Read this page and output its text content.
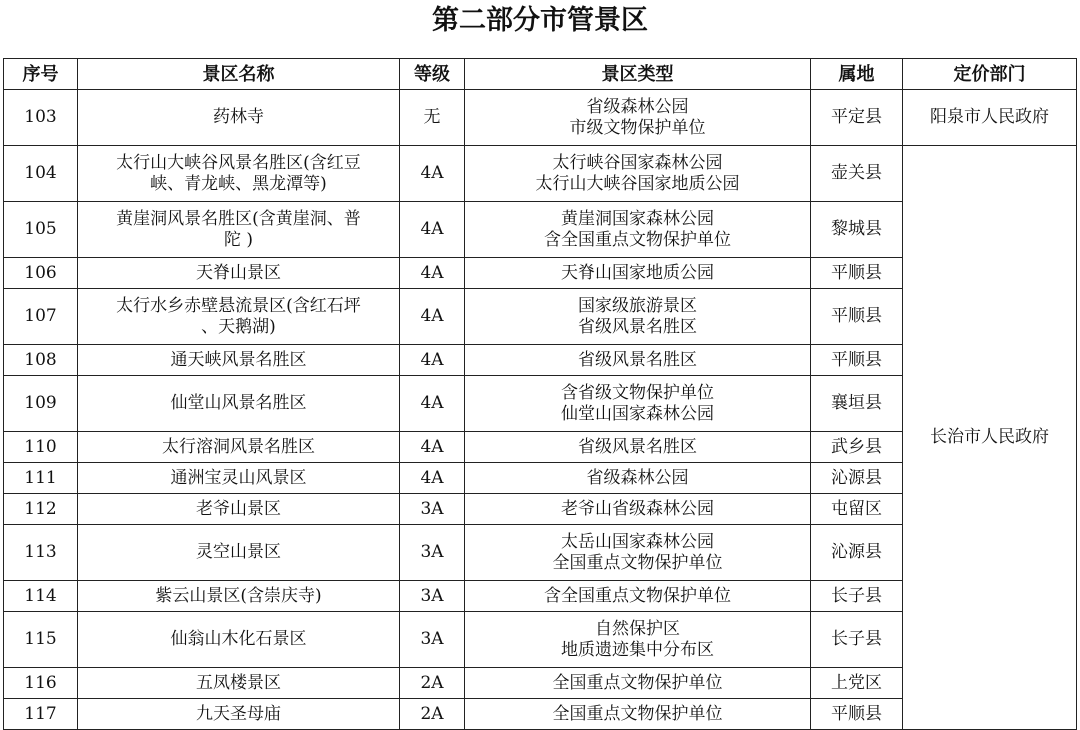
第二部分市管景区
序号	景区名称	等级	景区类型	属地	定价部门
103	药林寺	无	省级森林公园
市级文物保护单位	平定县	阳泉市人民政府
104	太行山大峡谷风景名胜区(含红豆
峡、青龙峡、黑龙潭等)	4A	太行峡谷国家森林公园
太行山大峡谷国家地质公园	壶关县	长治市人民政府
105	黄崖洞风景名胜区(含黄崖洞、普
陀 )	4A	黄崖洞国家森林公园
含全国重点文物保护单位	黎城县	
106	天脊山景区	4A	天脊山国家地质公园	平顺县	
107	太行水乡赤壁悬流景区(含红石坪
、天鹅湖)	4A	国家级旅游景区
省级风景名胜区	平顺县	
108	通天峡风景名胜区	4A	省级风景名胜区	平顺县	
109	仙堂山风景名胜区	4A	含省级文物保护单位
仙堂山国家森林公园	襄垣县	
110	太行溶洞风景名胜区	4A	省级风景名胜区	武乡县	
111	通洲宝灵山风景区	4A	省级森林公园	沁源县	
112	老爷山景区	3A	老爷山省级森林公园	屯留区	
113	灵空山景区	3A	太岳山国家森林公园
全国重点文物保护单位	沁源县	
114	紫云山景区(含崇庆寺)	3A	含全国重点文物保护单位	长子县	
115	仙翁山木化石景区	3A	自然保护区
地质遗迹集中分布区	长子县	
116	五凤楼景区	2A	全国重点文物保护单位	上党区	
117	九天圣母庙	2A	全国重点文物保护单位	平顺县	
